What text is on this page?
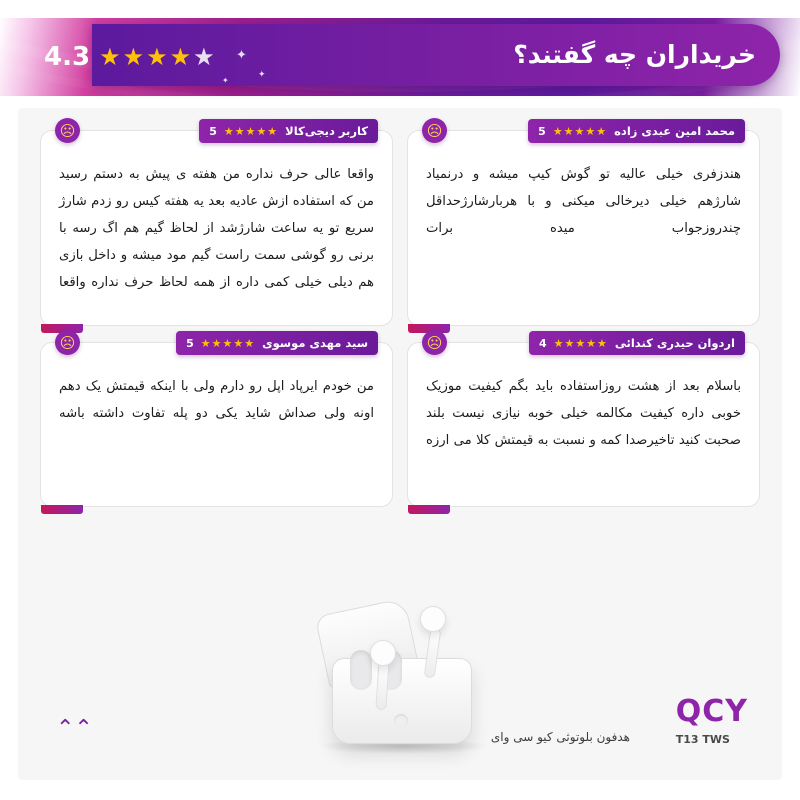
خریداران چه گفتند؟
4.3 ★ ★ ★ ★ ★ ✦
✦
✦
محمد امین عبدی زاده
★★★★★
5
☹
هندزفری خیلی عالیه تو گوش کیپ میشه و درنمیاد شارژهم خیلی دیرخالی میکنی و با هربارشارژحداقل چندروزجواب میده برات
کاربر دیجی‌کالا
★★★★★
5
☹
واقعا عالی حرف نداره من هفته ی پیش به دستم رسید من که استفاده ازش عادیه بعد یه هفته کیس رو زدم شارژ سریع تو یه ساعت شارژشد از لحاظ گیم هم اگ رسه با برنی رو گوشی سمت راست گیم مود میشه و داخل بازی هم دیلی خیلی کمی داره از همه لحاظ حرف نداره واقعا
اردوان حیدری کندائی
★★★★★
4
☹
باسلام بعد از هشت روزاستفاده باید بگم کیفیت موزیک خوبی داره کیفیت مکالمه خیلی خوبه نیازی نیست بلند صحبت کنید تاخیرصدا کمه و نسبت به قیمتش کلا می ارزه
سید مهدی موسوی
★★★★★
5
☹
من خودم ایرپاد اپل رو دارم ولی با اینکه قیمتش یک دهم اونه ولی صداش شاید یکی دو پله تفاوت داشته باشه
QCY
T13 TWS
هدفون بلوتوثی کیو سی وای
⌃⌃
